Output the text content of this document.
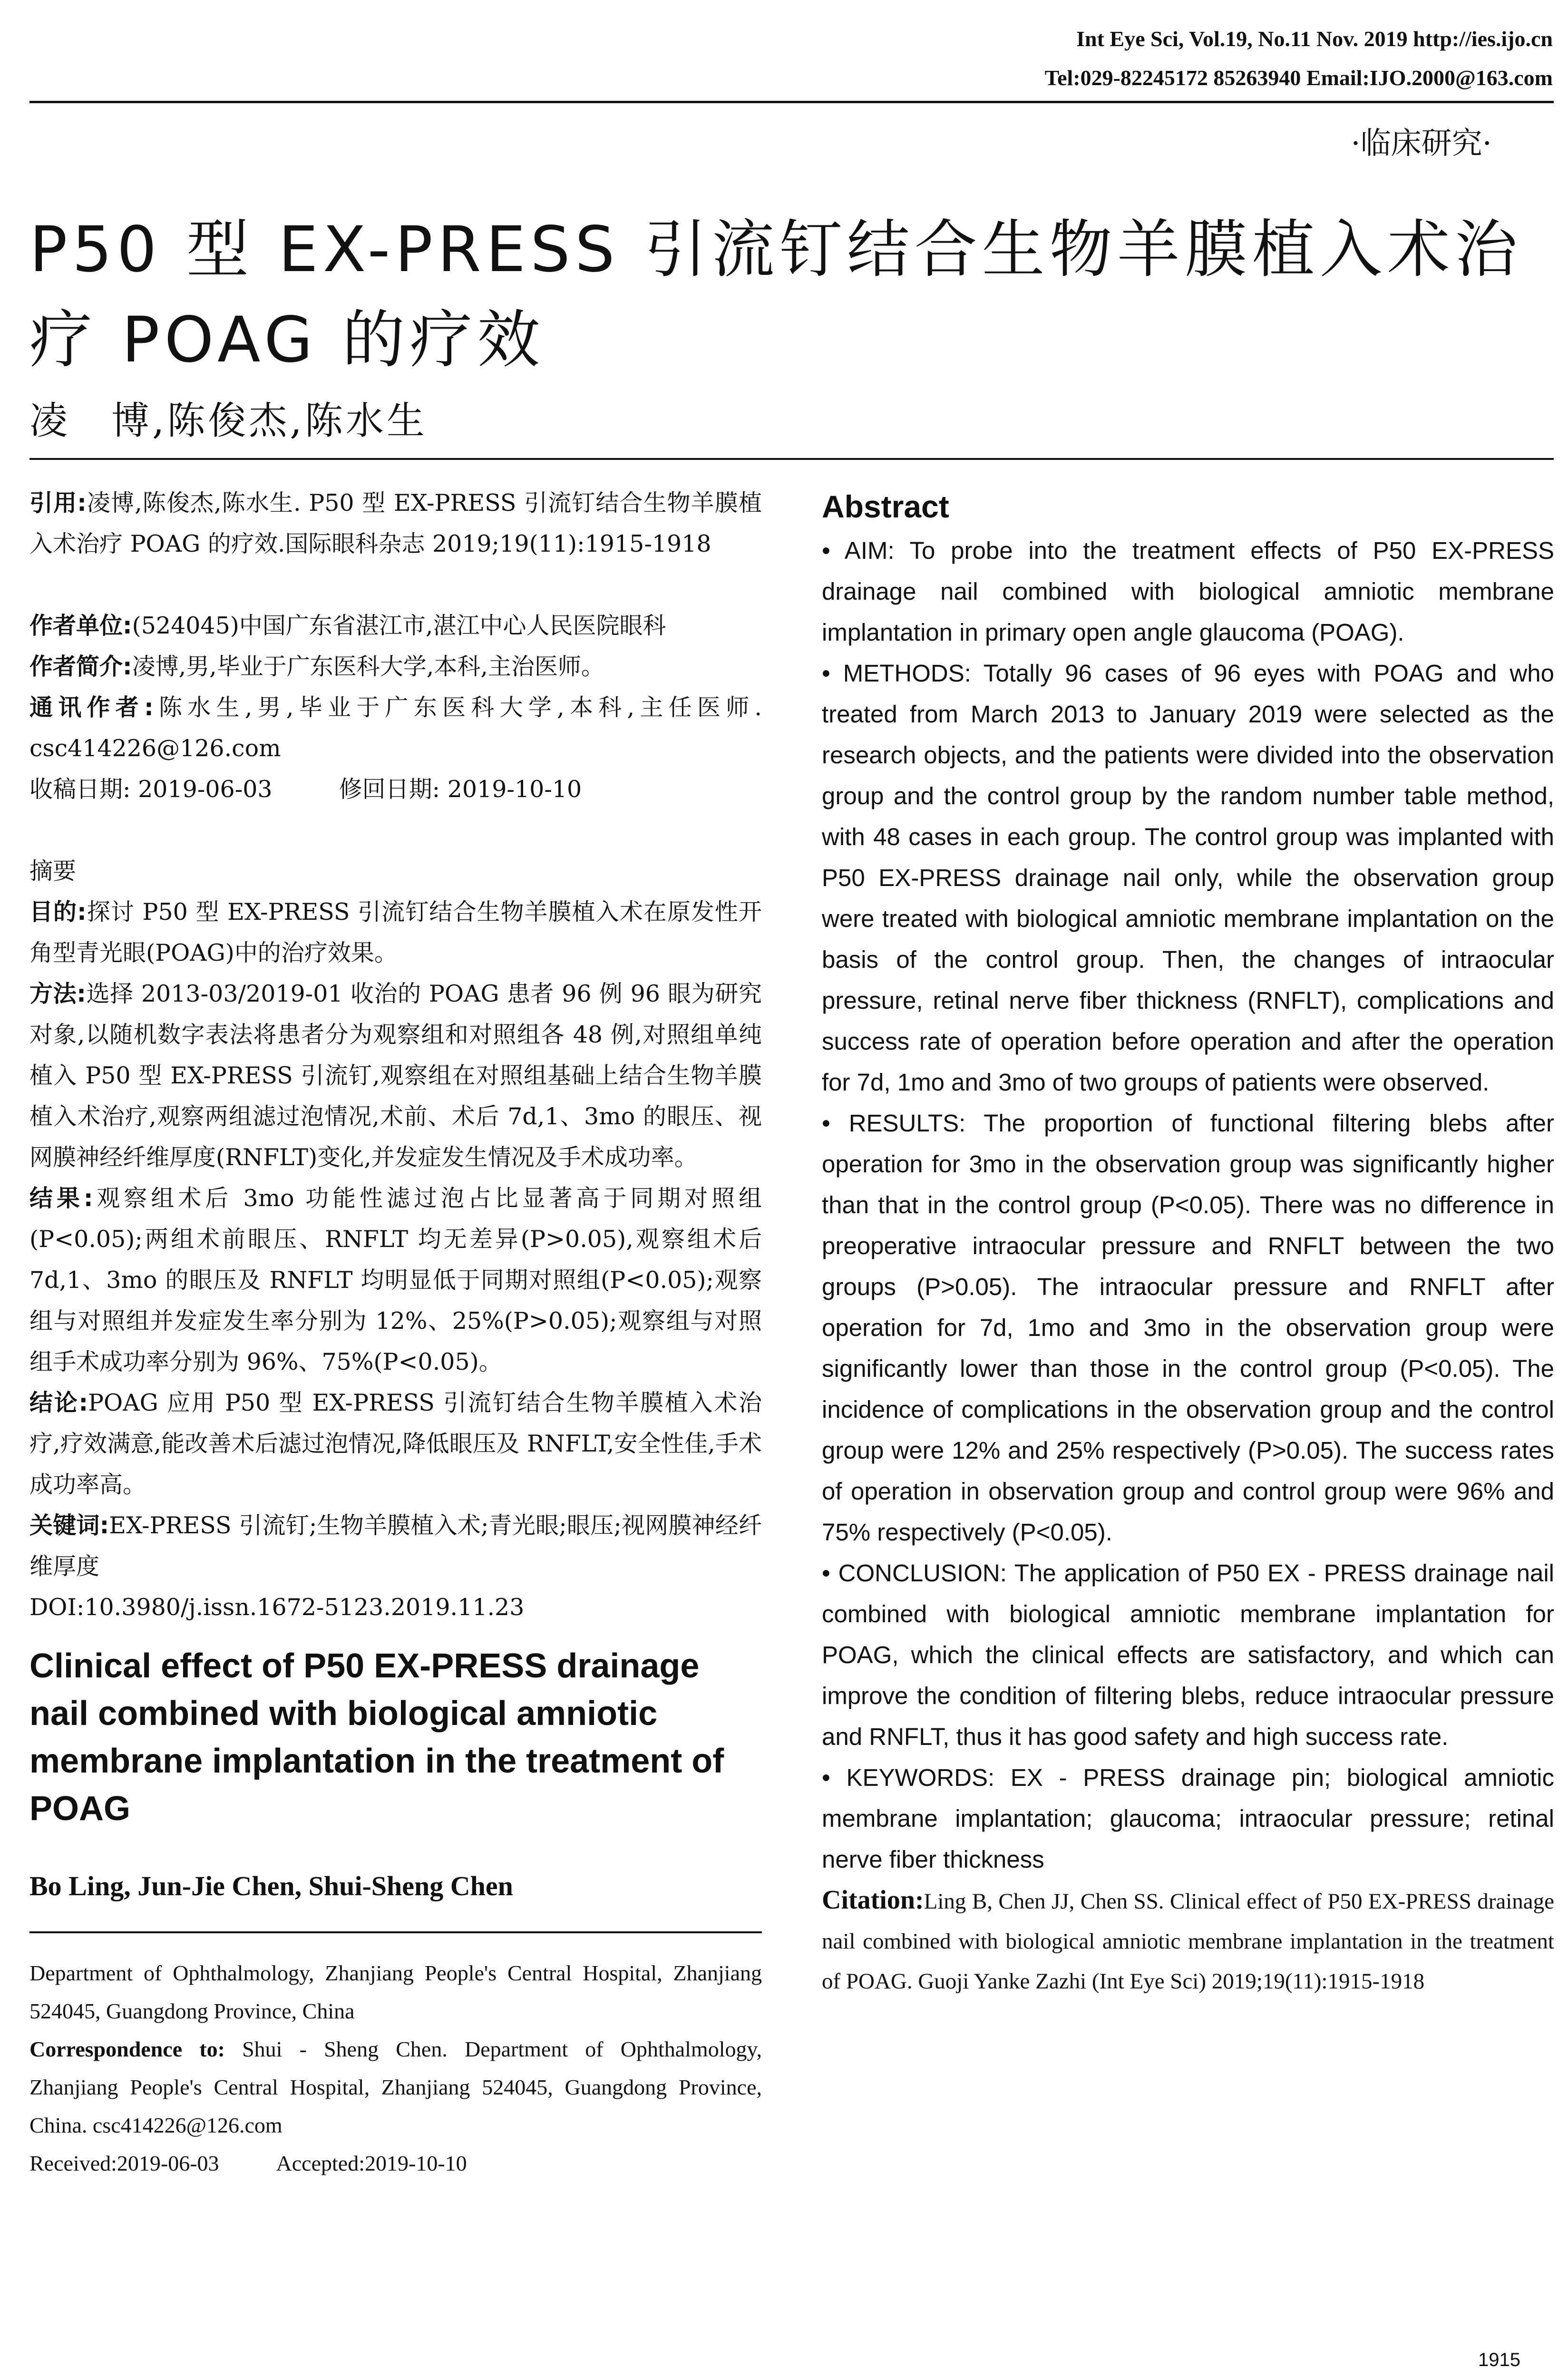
Int Eye Sci, Vol.19, No.11 Nov. 2019 http://ies.ijo.cn
Tel:029-82245172 85263940 Email:IJO.2000@163.com
·临床研究·
P50 型 EX-PRESS 引流钉结合生物羊膜植入术治疗 POAG 的疗效
凌　博,陈俊杰,陈水生

引用:凌博,陈俊杰,陈水生. P50 型 EX-PRESS 引流钉结合生物羊膜植入术治疗 POAG 的疗效.国际眼科杂志 2019;19(11):1915-1918

作者单位:(524045)中国广东省湛江市,湛江中心人民医院眼科

作者简介:凌博,男,毕业于广东医科大学,本科,主治医师。

通讯作者:陈水生,男,毕业于广东医科大学,本科,主任医师. csc414226@126.com

收稿日期: 2019-06-03	修回日期: 2019-10-10

摘要

目的:探讨 P50 型 EX-PRESS 引流钉结合生物羊膜植入术在原发性开角型青光眼(POAG)中的治疗效果。

方法:选择 2013-03/2019-01 收治的 POAG 患者 96 例 96 眼为研究对象,以随机数字表法将患者分为观察组和对照组各 48 例,对照组单纯植入 P50 型 EX-PRESS 引流钉,观察组在对照组基础上结合生物羊膜植入术治疗,观察两组滤过泡情况,术前、术后 7d,1、3mo 的眼压、视网膜神经纤维厚度(RNFLT)变化,并发症发生情况及手术成功率。

结果:观察组术后 3mo 功能性滤过泡占比显著高于同期对照组(P<0.05);两组术前眼压、RNFLT 均无差异(P>0.05),观察组术后 7d,1、3mo 的眼压及 RNFLT 均明显低于同期对照组(P<0.05);观察组与对照组并发症发生率分别为 12%、25%(P>0.05);观察组与对照组手术成功率分别为 96%、75%(P<0.05)。

结论:POAG 应用 P50 型 EX-PRESS 引流钉结合生物羊膜植入术治疗,疗效满意,能改善术后滤过泡情况,降低眼压及 RNFLT,安全性佳,手术成功率高。

关键词:EX-PRESS 引流钉;生物羊膜植入术;青光眼;眼压;视网膜神经纤维厚度

DOI:10.3980/j.issn.1672-5123.2019.11.23

Clinical effect of P50 EX-PRESS drainage nail combined with biological amniotic membrane implantation in the treatment of POAG
Bo Ling, Jun-Jie Chen, Shui-Sheng Chen

Department of Ophthalmology, Zhanjiang People's Central Hospital, Zhanjiang 524045, Guangdong Province, China

Correspondence to: Shui - Sheng Chen. Department of Ophthalmology, Zhanjiang People's Central Hospital, Zhanjiang 524045, Guangdong Province, China. csc414226@126.com

Received:2019-06-03	Accepted:2019-10-10

Abstract

• AIM: To probe into the treatment effects of P50 EX-PRESS drainage nail combined with biological amniotic membrane implantation in primary open angle glaucoma (POAG).

• METHODS: Totally 96 cases of 96 eyes with POAG and who treated from March 2013 to January 2019 were selected as the research objects, and the patients were divided into the observation group and the control group by the random number table method, with 48 cases in each group. The control group was implanted with P50 EX-PRESS drainage nail only, while the observation group were treated with biological amniotic membrane implantation on the basis of the control group. Then, the changes of intraocular pressure, retinal nerve fiber thickness (RNFLT), complications and success rate of operation before operation and after the operation for 7d, 1mo and 3mo of two groups of patients were observed.

• RESULTS: The proportion of functional filtering blebs after operation for 3mo in the observation group was significantly higher than that in the control group (P<0.05). There was no difference in preoperative intraocular pressure and RNFLT between the two groups (P>0.05). The intraocular pressure and RNFLT after operation for 7d, 1mo and 3mo in the observation group were significantly lower than those in the control group (P<0.05). The incidence of complications in the observation group and the control group were 12% and 25% respectively (P>0.05). The success rates of operation in observation group and control group were 96% and 75% respectively (P<0.05).

• CONCLUSION: The application of P50 EX - PRESS drainage nail combined with biological amniotic membrane implantation for POAG, which the clinical effects are satisfactory, and which can improve the condition of filtering blebs, reduce intraocular pressure and RNFLT, thus it has good safety and high success rate.

• KEYWORDS: EX - PRESS drainage pin; biological amniotic membrane implantation; glaucoma; intraocular pressure; retinal nerve fiber thickness

Citation:Ling B, Chen JJ, Chen SS. Clinical effect of P50 EX-PRESS drainage nail combined with biological amniotic membrane implantation in the treatment of POAG. Guoji Yanke Zazhi (Int Eye Sci) 2019;19(11):1915-1918

1915
